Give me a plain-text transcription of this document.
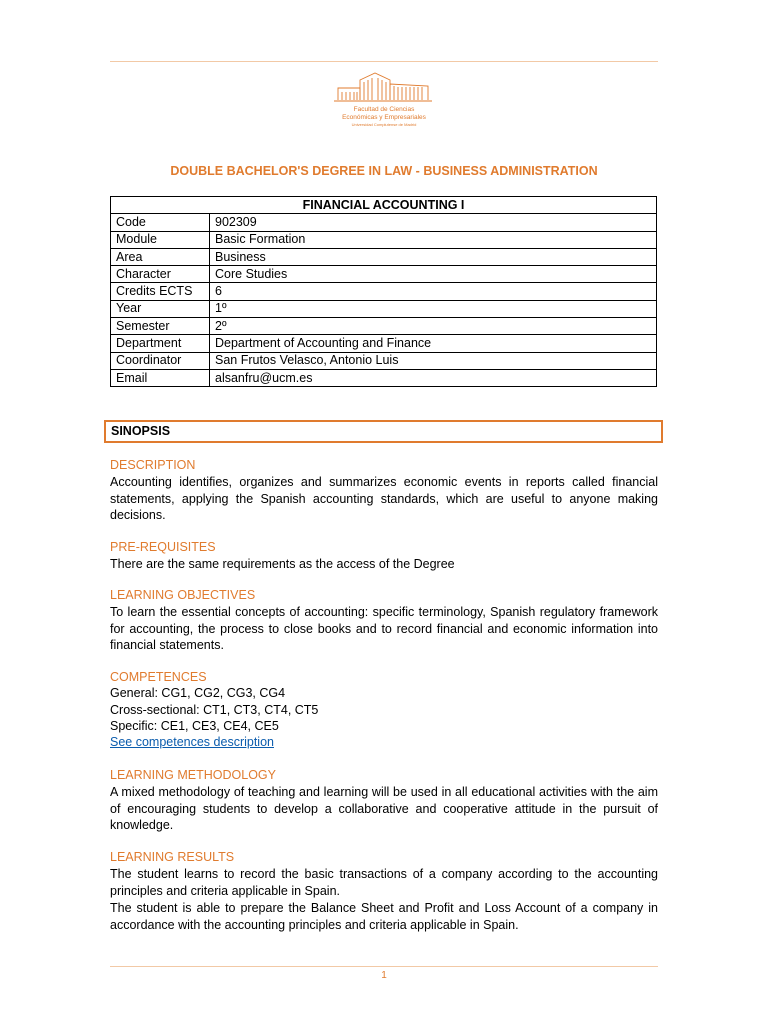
Facultad de Ciencias
Económicas y Empresariales
Universidad Complutense de Madrid
DOUBLE BACHELOR'S DEGREE IN LAW - BUSINESS ADMINISTRATION
FINANCIAL ACCOUNTING I	
Code	902309
Module	Basic Formation
Area	Business
Character	Core Studies
Credits ECTS	6
Year	1º
Semester	2º
Department	Department of Accounting and Finance
Coordinator	San Frutos Velasco, Antonio Luis
Email	alsanfru@ucm.es
SINOPSIS
DESCRIPTION

Accounting identifies, organizes and summarizes economic events in reports called financial statements, applying the Spanish accounting standards, which are useful to anyone making decisions.

PRE-REQUISITES

There are the same requirements as the access of the Degree

LEARNING OBJECTIVES

To learn the essential concepts of accounting: specific terminology, Spanish regulatory framework for accounting, the process to close books and to record financial and economic information into financial statements.

COMPETENCES
General: CG1, CG2, CG3, CG4
Cross-sectional: CT1, CT3, CT4, CT5
Specific: CE1, CE3, CE4, CE5
See competences description
LEARNING METHODOLOGY

A mixed methodology of teaching and learning will be used in all educational activities with the aim of encouraging students to develop a collaborative and cooperative attitude in the pursuit of knowledge.

LEARNING RESULTS

The student learns to record the basic transactions of a company according to the accounting principles and criteria applicable in Spain.

The student is able to prepare the Balance Sheet and Profit and Loss Account of a company in accordance with the accounting principles and criteria applicable in Spain.

1
